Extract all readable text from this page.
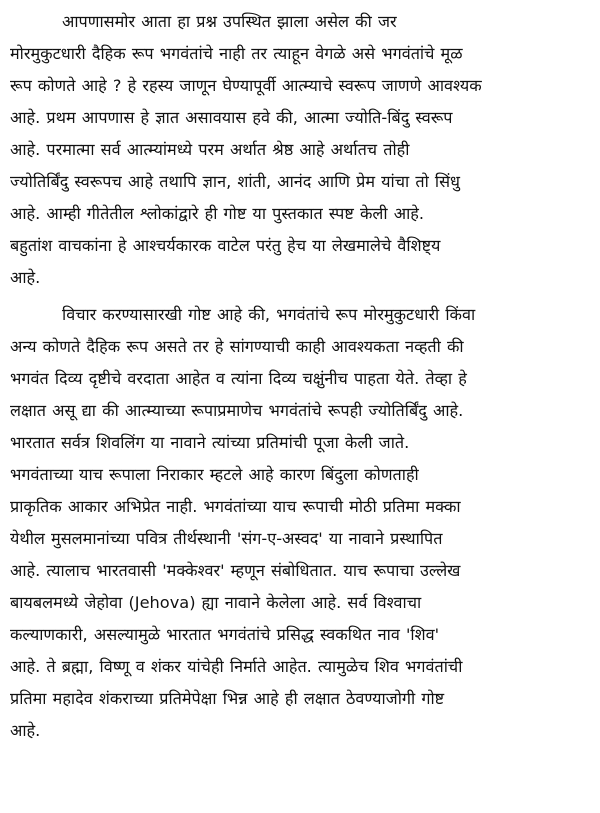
आपणासमोर आता हा प्रश्न उपस्थित झाला असेल की जर
मोरमुकुटधारी दैहिक रूप भगवंतांचे नाही तर त्याहून वेगळे असे भगवंतांचे मूळ
रूप कोणते आहे ? हे रहस्य जाणून घेण्यापूर्वी आत्म्याचे स्वरूप जाणणे आवश्यक
आहे. प्रथम आपणास हे ज्ञात असावयास हवे की, आत्मा ज्योति-बिंदु स्वरूप
आहे. परमात्मा सर्व आत्म्यांमध्ये परम अर्थात श्रेष्ठ आहे अर्थातच तोही
ज्योतिर्बिंदु स्वरूपच आहे तथापि ज्ञान, शांती, आनंद आणि प्रेम यांचा तो सिंधु
आहे. आम्ही गीतेतील श्लोकांद्वारे ही गोष्ट या पुस्तकात स्पष्ट केली आहे.
बहुतांश वाचकांना हे आश्चर्यकारक वाटेल परंतु हेच या लेखमालेचे वैशिष्ट्य
आहे.
विचार करण्यासारखी गोष्ट आहे की, भगवंतांचे रूप मोरमुकुटधारी किंवा
अन्य कोणते दैहिक रूप असते तर हे सांगण्याची काही आवश्यकता नव्हती की
भगवंत दिव्य दृष्टीचे वरदाता आहेत व त्यांना दिव्य चक्षुंनीच पाहता येते. तेव्हा हे
लक्षात असू द्या की आत्म्याच्या रूपाप्रमाणेच भगवंतांचे रूपही ज्योतिर्बिंदु आहे.
भारतात सर्वत्र शिवलिंग या नावाने त्यांच्या प्रतिमांची पूजा केली जाते.
भगवंताच्या याच रूपाला निराकार म्हटले आहे कारण बिंदुला कोणताही
प्राकृतिक आकार अभिप्रेत नाही. भगवंतांच्या याच रूपाची मोठी प्रतिमा मक्का
येथील मुसलमानांच्या पवित्र तीर्थस्थानी 'संग-ए-अस्वद' या नावाने प्रस्थापित
आहे. त्यालाच भारतवासी 'मक्केश्वर' म्हणून संबोधितात. याच रूपाचा उल्लेख
बायबलमध्ये जेहोवा (Jehova) ह्या नावाने केलेला आहे. सर्व विश्वाचा
कल्याणकारी, असल्यामुळे भारतात भगवंतांचे प्रसिद्ध स्वकथित नाव 'शिव'
आहे. ते ब्रह्मा, विष्णू व शंकर यांचेही निर्माते आहेत. त्यामुळेच शिव भगवंतांची
प्रतिमा महादेव शंकराच्या प्रतिमेपेक्षा भिन्न आहे ही लक्षात ठेवण्याजोगी गोष्ट
आहे.
